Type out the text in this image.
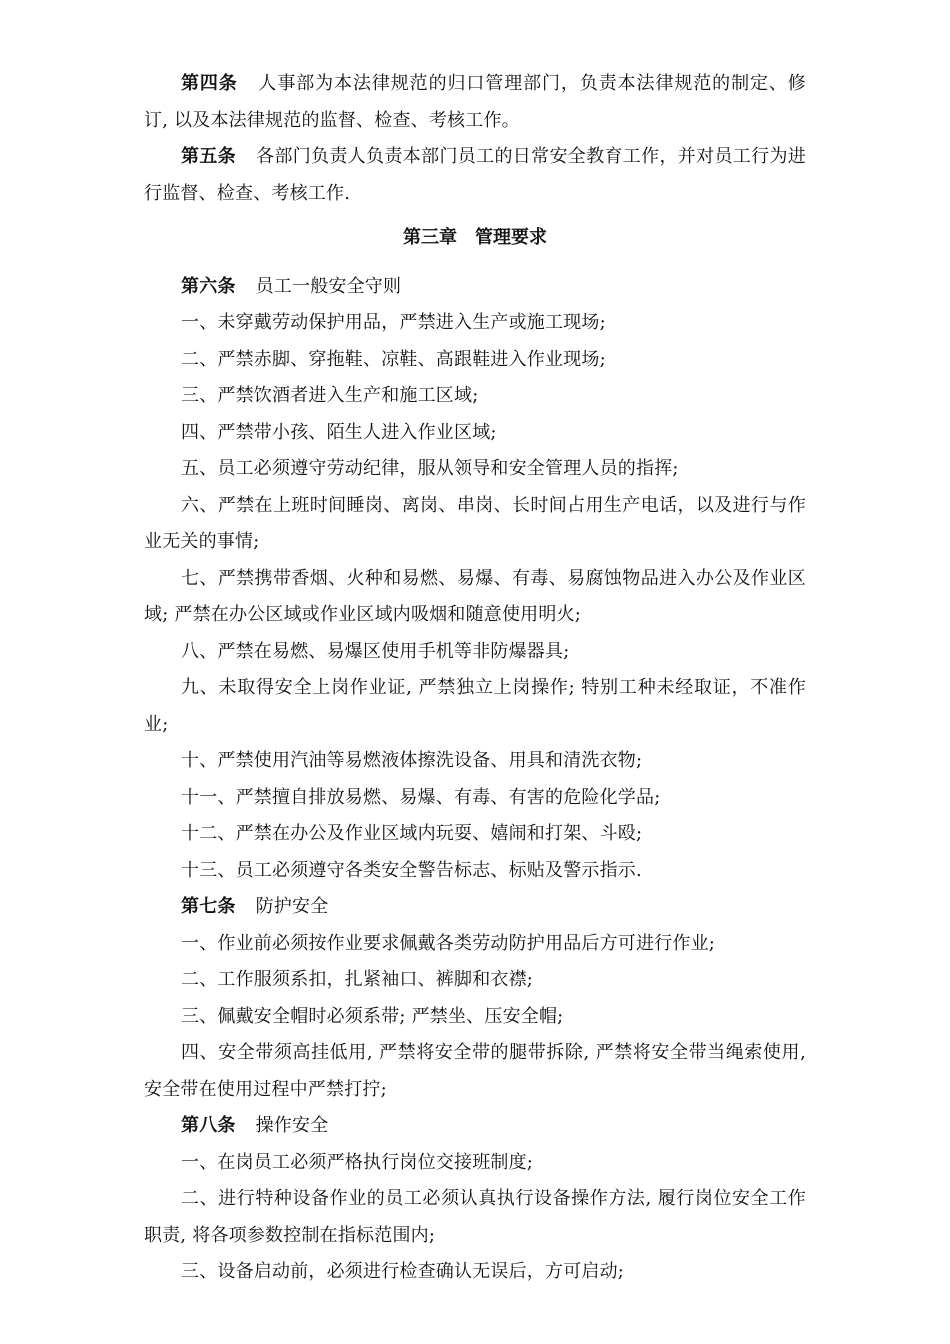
第四条 人事部为本法律规范的归口管理部门，负责本法律规范的制定、修订, 以及本法律规范的监督、检查、考核工作。

第五条 各部门负责人负责本部门员工的日常安全教育工作，并对员工行为进行监督、检查、考核工作.

第三章　管理要求

第六条 员工一般安全守则

一、未穿戴劳动保护用品，严禁进入生产或施工现场;

二、严禁赤脚、穿拖鞋、凉鞋、高跟鞋进入作业现场;

三、严禁饮酒者进入生产和施工区域;

四、严禁带小孩、陌生人进入作业区域;

五、员工必须遵守劳动纪律，服从领导和安全管理人员的指挥;

六、严禁在上班时间睡岗、离岗、串岗、长时间占用生产电话，以及进行与作业无关的事情;

七、严禁携带香烟、火种和易燃、易爆、有毒、易腐蚀物品进入办公及作业区域; 严禁在办公区域或作业区域内吸烟和随意使用明火;

八、严禁在易燃、易爆区使用手机等非防爆器具;

九、未取得安全上岗作业证, 严禁独立上岗操作; 特别工种未经取证，不准作业;

十、严禁使用汽油等易燃液体擦洗设备、用具和清洗衣物;

十一、严禁擅自排放易燃、易爆、有毒、有害的危险化学品;

十二、严禁在办公及作业区域内玩耍、嬉闹和打架、斗殴;

十三、员工必须遵守各类安全警告标志、标贴及警示指示.

第七条 防护安全

一、作业前必须按作业要求佩戴各类劳动防护用品后方可进行作业;

二、工作服须系扣，扎紧袖口、裤脚和衣襟;

三、佩戴安全帽时必须系带; 严禁坐、压安全帽;

四、安全带须高挂低用, 严禁将安全带的腿带拆除, 严禁将安全带当绳索使用, 安全带在使用过程中严禁打拧;

第八条 操作安全

一、在岗员工必须严格执行岗位交接班制度;

二、进行特种设备作业的员工必须认真执行设备操作方法, 履行岗位安全工作职责, 将各项参数控制在指标范围内;

三、设备启动前，必须进行检查确认无误后，方可启动;
